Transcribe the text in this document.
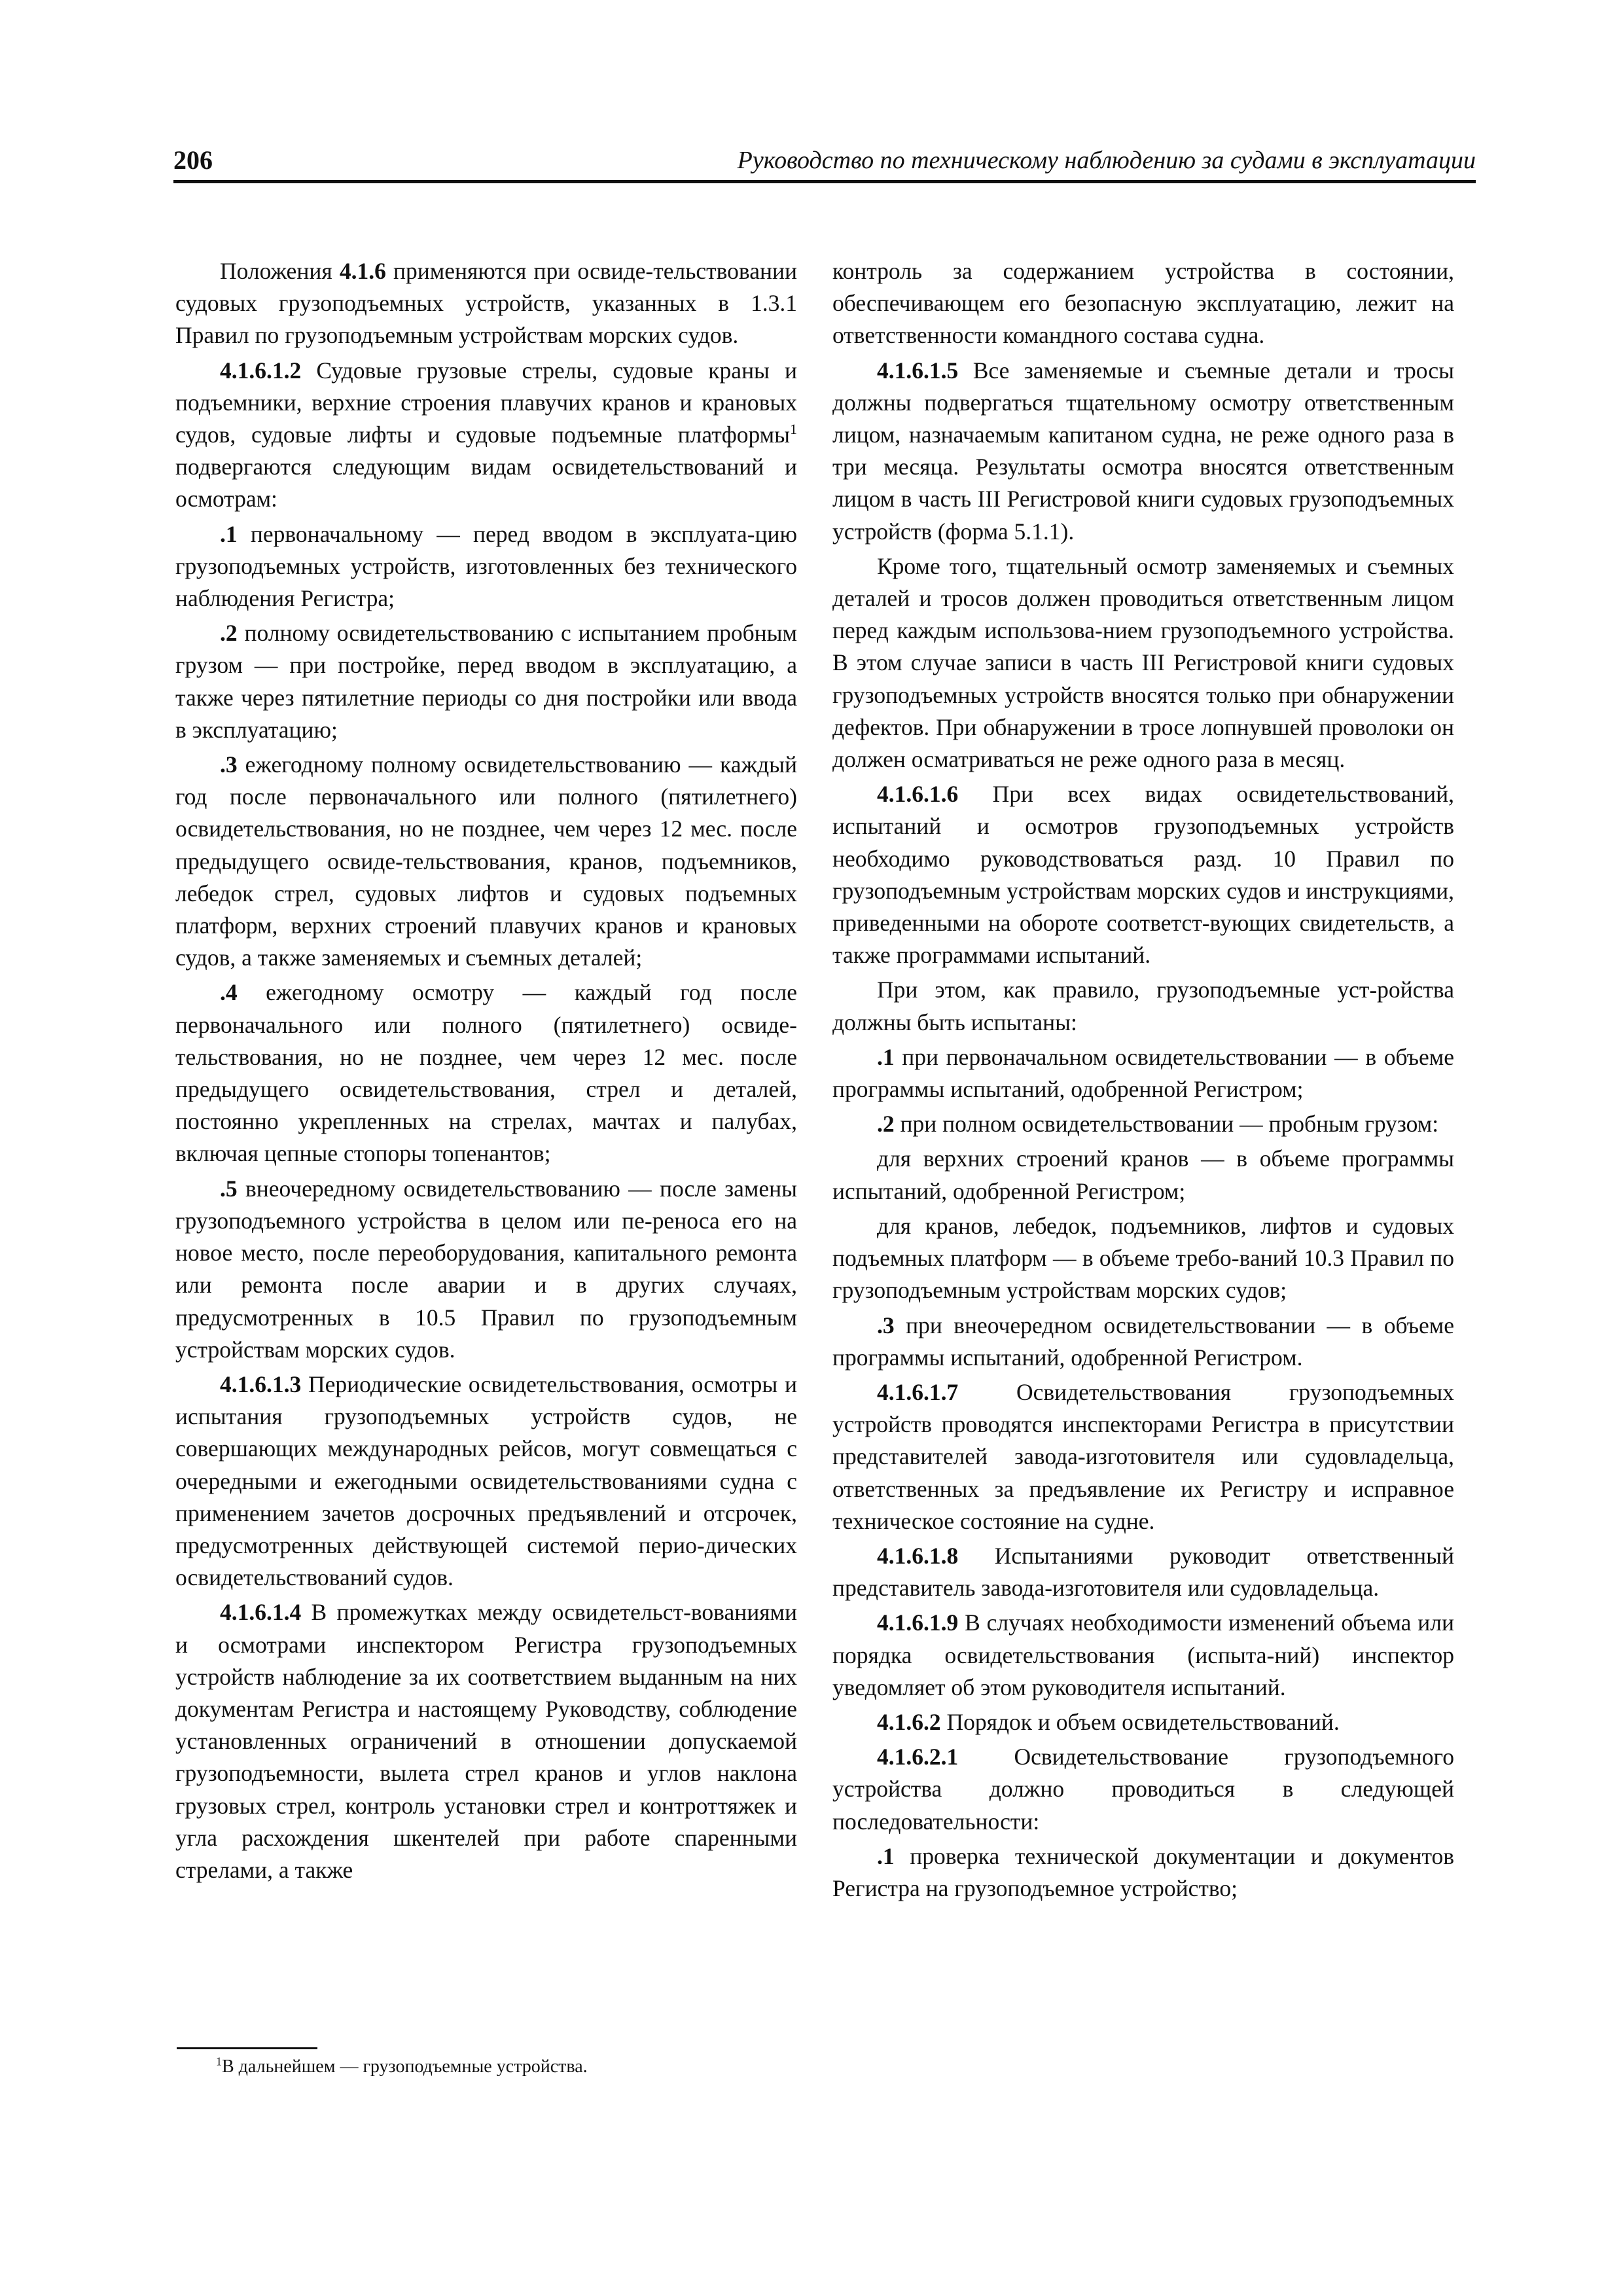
206	Руководство по техническому наблюдению за судами в эксплуатации

Положения 4.1.6 применяются при освиде-тельствовании судовых грузоподъемных устройств, указанных в 1.3.1 Правил по грузоподъемным устройствам морских судов.

4.1.6.1.2 Судовые грузовые стрелы, судовые краны и подъемники, верхние строения плавучих кранов и крановых судов, судовые лифты и судовые подъемные платформы$^1$ подвергаются следующим видам освидетельствований и осмотрам:

.1 первоначальному — перед вводом в эксплуата-цию грузоподъемных устройств, изготовленных без технического наблюдения Регистра;

.2 полному освидетельствованию с испытанием пробным грузом — при постройке, перед вводом в эксплуатацию, а также через пятилетние периоды со дня постройки или ввода в эксплуатацию;

.3 ежегодному полному освидетельствованию — каждый год после первоначального или полного (пятилетнего) освидетельствования, но не позднее, чем через 12 мес. после предыдущего освиде-тельствования, кранов, подъемников, лебедок стрел, судовых лифтов и судовых подъемных платформ, верхних строений плавучих кранов и крановых судов, а также заменяемых и съемных деталей;

.4 ежегодному осмотру — каждый год после первоначального или полного (пятилетнего) освиде-тельствования, но не позднее, чем через 12 мес. после предыдущего освидетельствования, стрел и деталей, постоянно укрепленных на стрелах, мачтах и палубах, включая цепные стопоры топенантов;

.5 внеочередному освидетельствованию — после замены грузоподъемного устройства в целом или пе-реноса его на новое место, после переоборудования, капитального ремонта или ремонта после аварии и в других случаях, предусмотренных в 10.5 Правил по грузоподъемным устройствам морских судов.

4.1.6.1.3 Периодические освидетельствования, осмотры и испытания грузоподъемных устройств судов, не совершающих международных рейсов, могут совмещаться с очередными и ежегодными освидетельствованиями судна с применением зачетов досрочных предъявлений и отсрочек, предусмотренных действующей системой перио-дических освидетельствований судов.

4.1.6.1.4 В промежутках между освидетельст-вованиями и осмотрами инспектором Регистра грузоподъемных устройств наблюдение за их соответствием выданным на них документам Регистра и настоящему Руководству, соблюдение установленных ограничений в отношении допускаемой грузоподъемности, вылета стрел кранов и углов наклона грузовых стрел, контроль установки стрел и контроттяжек и угла расхождения шкентелей при работе спаренными стрелами, а также

контроль за содержанием устройства в состоянии, обеспечивающем его безопасную эксплуатацию, лежит на ответственности командного состава судна.

4.1.6.1.5 Все заменяемые и съемные детали и тросы должны подвергаться тщательному осмотру ответственным лицом, назначаемым капитаном судна, не реже одного раза в три месяца. Результаты осмотра вносятся ответственным лицом в часть III Регистровой книги судовых грузоподъемных устройств (форма 5.1.1).

Кроме того, тщательный осмотр заменяемых и съемных деталей и тросов должен проводиться ответственным лицом перед каждым использова-нием грузоподъемного устройства. В этом случае записи в часть III Регистровой книги судовых грузоподъемных устройств вносятся только при обнаружении дефектов. При обнаружении в тросе лопнувшей проволоки он должен осматриваться не реже одного раза в месяц.

4.1.6.1.6 При всех видах освидетельствований, испытаний и осмотров грузоподъемных устройств необходимо руководствоваться разд. 10 Правил по грузоподъемным устройствам морских судов и инструкциями, приведенными на обороте соответст-вующих свидетельств, а также программами испытаний.

При этом, как правило, грузоподъемные уст-ройства должны быть испытаны:

.1 при первоначальном освидетельствовании — в объеме программы испытаний, одобренной Регистром;

.2 при полном освидетельствовании — пробным грузом:

для верхних строений кранов — в объеме программы испытаний, одобренной Регистром;

для кранов, лебедок, подъемников, лифтов и судовых подъемных платформ — в объеме требо-ваний 10.3 Правил по грузоподъемным устройствам морских судов;

.3 при внеочередном освидетельствовании — в объеме программы испытаний, одобренной Регистром.

4.1.6.1.7 Освидетельствования грузоподъемных устройств проводятся инспекторами Регистра в присутствии представителей завода-изготовителя или судовладельца, ответственных за предъявление их Регистру и исправное техническое состояние на судне.

4.1.6.1.8 Испытаниями руководит ответственный представитель завода-изготовителя или судовладельца.

4.1.6.1.9 В случаях необходимости изменений объема или порядка освидетельствования (испыта-ний) инспектор уведомляет об этом руководителя испытаний.

4.1.6.2 Порядок и объем освидетельствований.

4.1.6.2.1 Освидетельствование грузоподъемного устройства должно проводиться в следующей последовательности:

.1 проверка технической документации и документов Регистра на грузоподъемное устройство;

$^1$В дальнейшем — грузоподъемные устройства.
